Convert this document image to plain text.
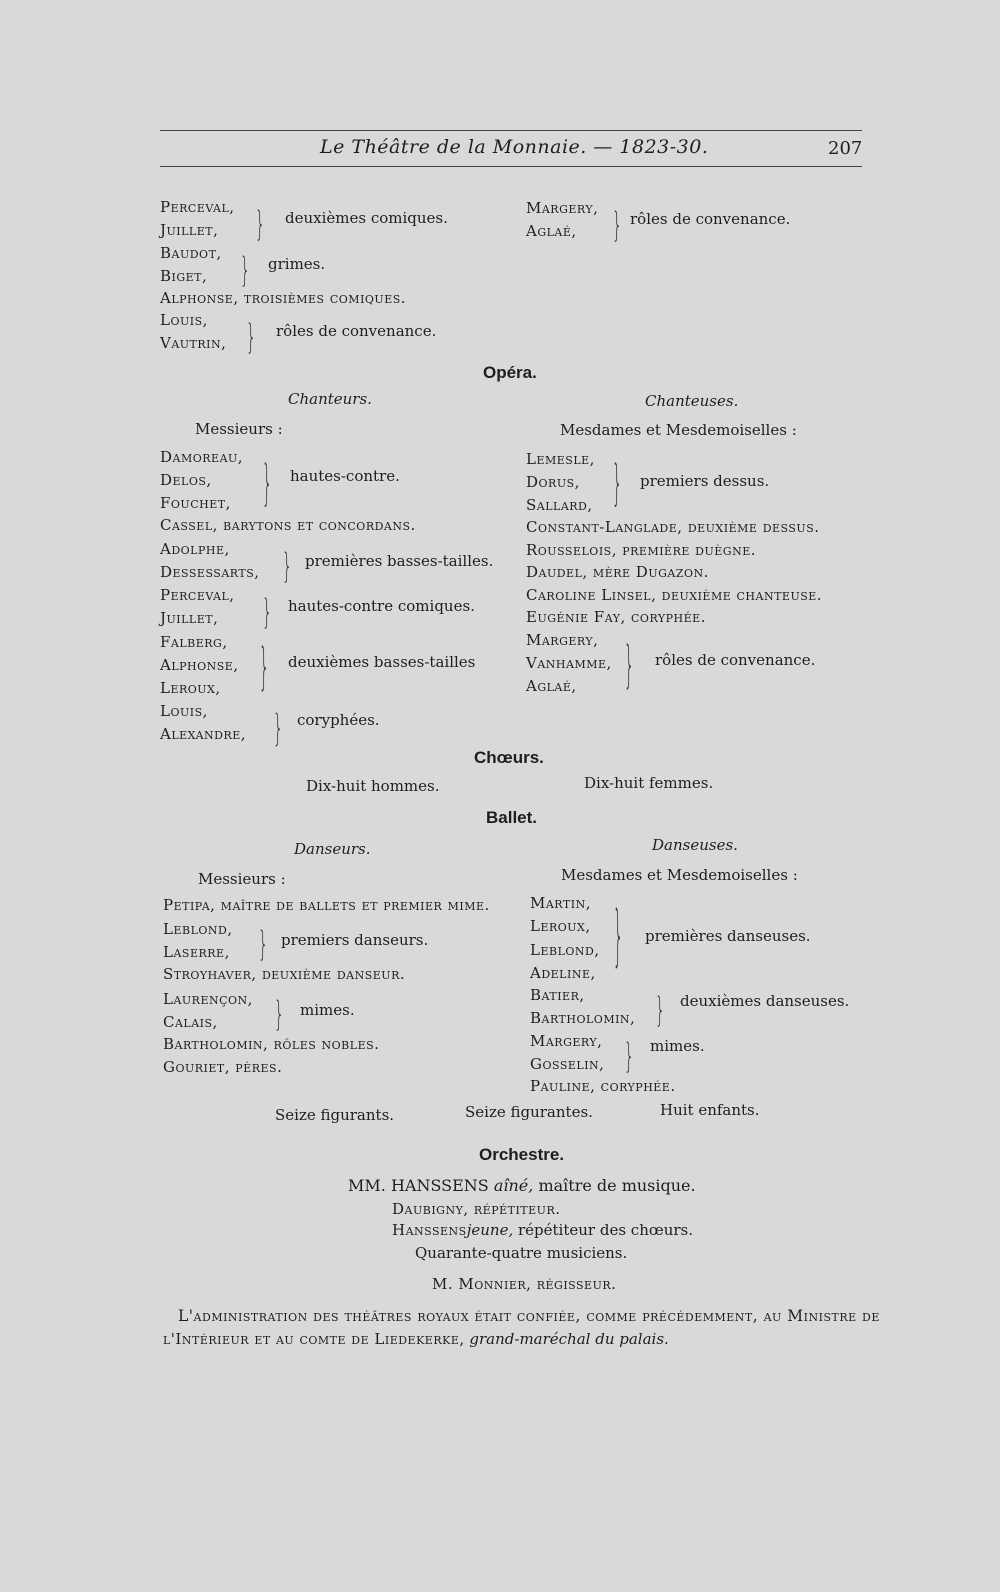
Le Théâtre de la Monnaie. — 1823-30.	207
Perceval,
Juillet, } deuxièmes comiques.
Baudot,
Biget, } grimes.
Alphonse, troisièmes comiques.
Louis,
Vautrin, } rôles de convenance.
Margery,
Aglaé, } rôles de convenance.
Opéra.
Chanteurs.
Messieurs :
Chanteuses.
Mesdames et Mesdemoiselles :
Damoreau,
Delos,
Fouchet, } hautes-contre.
Cassel, barytons et concordans.
Adolphe,
Dessessarts, } premières basses-tailles.
Perceval,
Juillet,	} hautes-contre comiques.
Falberg,
Alphonse,
Leroux, } deuxièmes basses-tailles
Louis,
Alexandre, } coryphées.
Lemesle,
Dorus,
Sallard, } premiers dessus.
Constant-Langlade, deuxième dessus.
Rousselois, première duègne.
Daudel, mère Dugazon.
Caroline Linsel, deuxième chanteuse.
Eugénie Fay, coryphée.
Margery,
Vanhamme,
Aglaé,	} rôles de convenance.
Chœurs.
Dix-huit hommes.	Dix-huit femmes.
Ballet.
Danseurs.
Messieurs :
Danseuses.
Mesdames et Mesdemoiselles :
Petipa, maître de ballets et premier mime.
Leblond,
Laserre, } premiers danseurs.
Stroyhaver, deuxième danseur.
Laurençon,
Calais,	} mimes.
Bartholomin, rôles nobles.
Gouriet, pères.
Martin,
Leroux,
Leblond,
Adeline, } premières danseuses.
Batier,
Bartholomin, } deuxièmes danseuses.
Margery,
Gosselin, } mimes.
Pauline, coryphée.
Seize figurants.	Seize figurantes.	Huit enfants.
Orchestre.
MM. HANSSENS aîné, maître de musique.
Daubigny, répétiteur.
Hanssensjeune, répétiteur des chœurs.
Quarante-quatre musiciens.
M. Monnier, régisseur.
L'administration des théâtres royaux était confiée, comme précédemment, au Ministre de
l'Intérieur et au comte de Liedekerke, grand-maréchal du palais.
